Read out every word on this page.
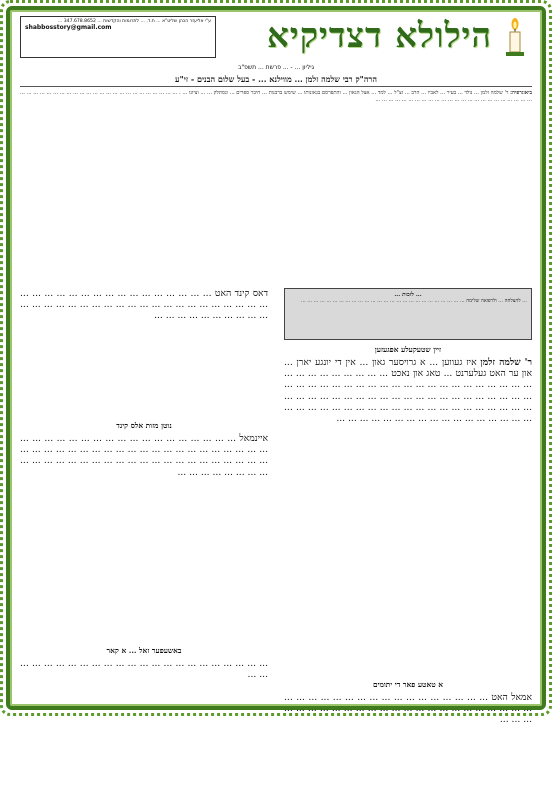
ע"י אליעזר הכהן שליט"א ... ת.ד. ... לתרומות והקדשות ... 347.678.8652 ...
shabbosstory@gmail.com	הילולא דצדיקיא
גיליון ... - ... פרשת ... תשפ"ב
הרה"ק רבי שלמה זלמן ... מווילנא ... - בעל שלום הבנים - זי"ע
ביאוגרפיה: ר' שלמה זלמן ... נולד ... בעיר ... לאביו ... הרב ... זצ"ל ... למד ... אצל הגאון ... והתפרסם בגאונותו ... שימש ברבנות ... חיבר ספרים ... ונסתלק ... ... וציונו ... . ... ... ... ... ... ... ... ... ... ... ... ... ... ... ... ... ... ... ... ... ... ... ... ... ... ... ... ... ... ... ... ... ... ... ... ... ... ... ... ... ... ... ... ... ... ... ... ...
... לזכות ...
... להצלחה ... ולרפואה שלימה ... ... ... ... ... ... ... ... ... ... ... ... ... ... ... ... ... ... ... ... ... ... ... ... ... ...
זיין שטעקעלע אפגעזען

ר' שלמה זלמן איז געווען ... א גרויסער גאון ... אין די יונגע יארן ... און ער האט געלערנט ... טאג און נאכט ... ... ... ... ... ... ... ... ... ... ... ... ... ... ... ... ... ... ... ... ... ... ... ... ... ... ... ... ... ... ... ... ... ... ... ... ... ... ... ... ... ... ... ... ... ... ... ... ... ... ... ... ... ... ... ... ... ... ... ... ... ... ... ... ... ... ... ... ... ... ... ... ... ... ... ... ... ... ... ... ... ... ... ... ... ... ... ... ...

א טאטע פאר די יתומים

אמאל האט ... ... ... ... ... ... ... ... ... ... ... ... ... ... ... ... ... ... ... ... ... ... ... ... ... ... ... ... ... ... ... ... ... ... ... ... ... ... ... ... ...

דאס קינד האט ... ... ... ... ... ... ... ... ... ... ... ... ... ... ... ... ... ... ... ... ... ... ... ... ... ... ... ... ... ... ... ... ... ... ... ... ... ... ... ... ... ... ... ... ... ... ...

נוטן מזות אלס קינד

איינמאל ... ... ... ... ... ... ... ... ... ... ... ... ... ... ... ... ... ... ... ... ... ... ... ... ... ... ... ... ... ... ... ... ... ... ... ... ... ... ... ... ... ... ... ... ... ... ... ... ... ... ... ... ... ... ... ... ... ... ... ... ... ... ... ... ... ... ... ...

באשעפער זאל ... א קאר

... ... ... ... ... ... ... ... ... ... ... ... ... ... ... ... ... ... ... ... ... ... ...
